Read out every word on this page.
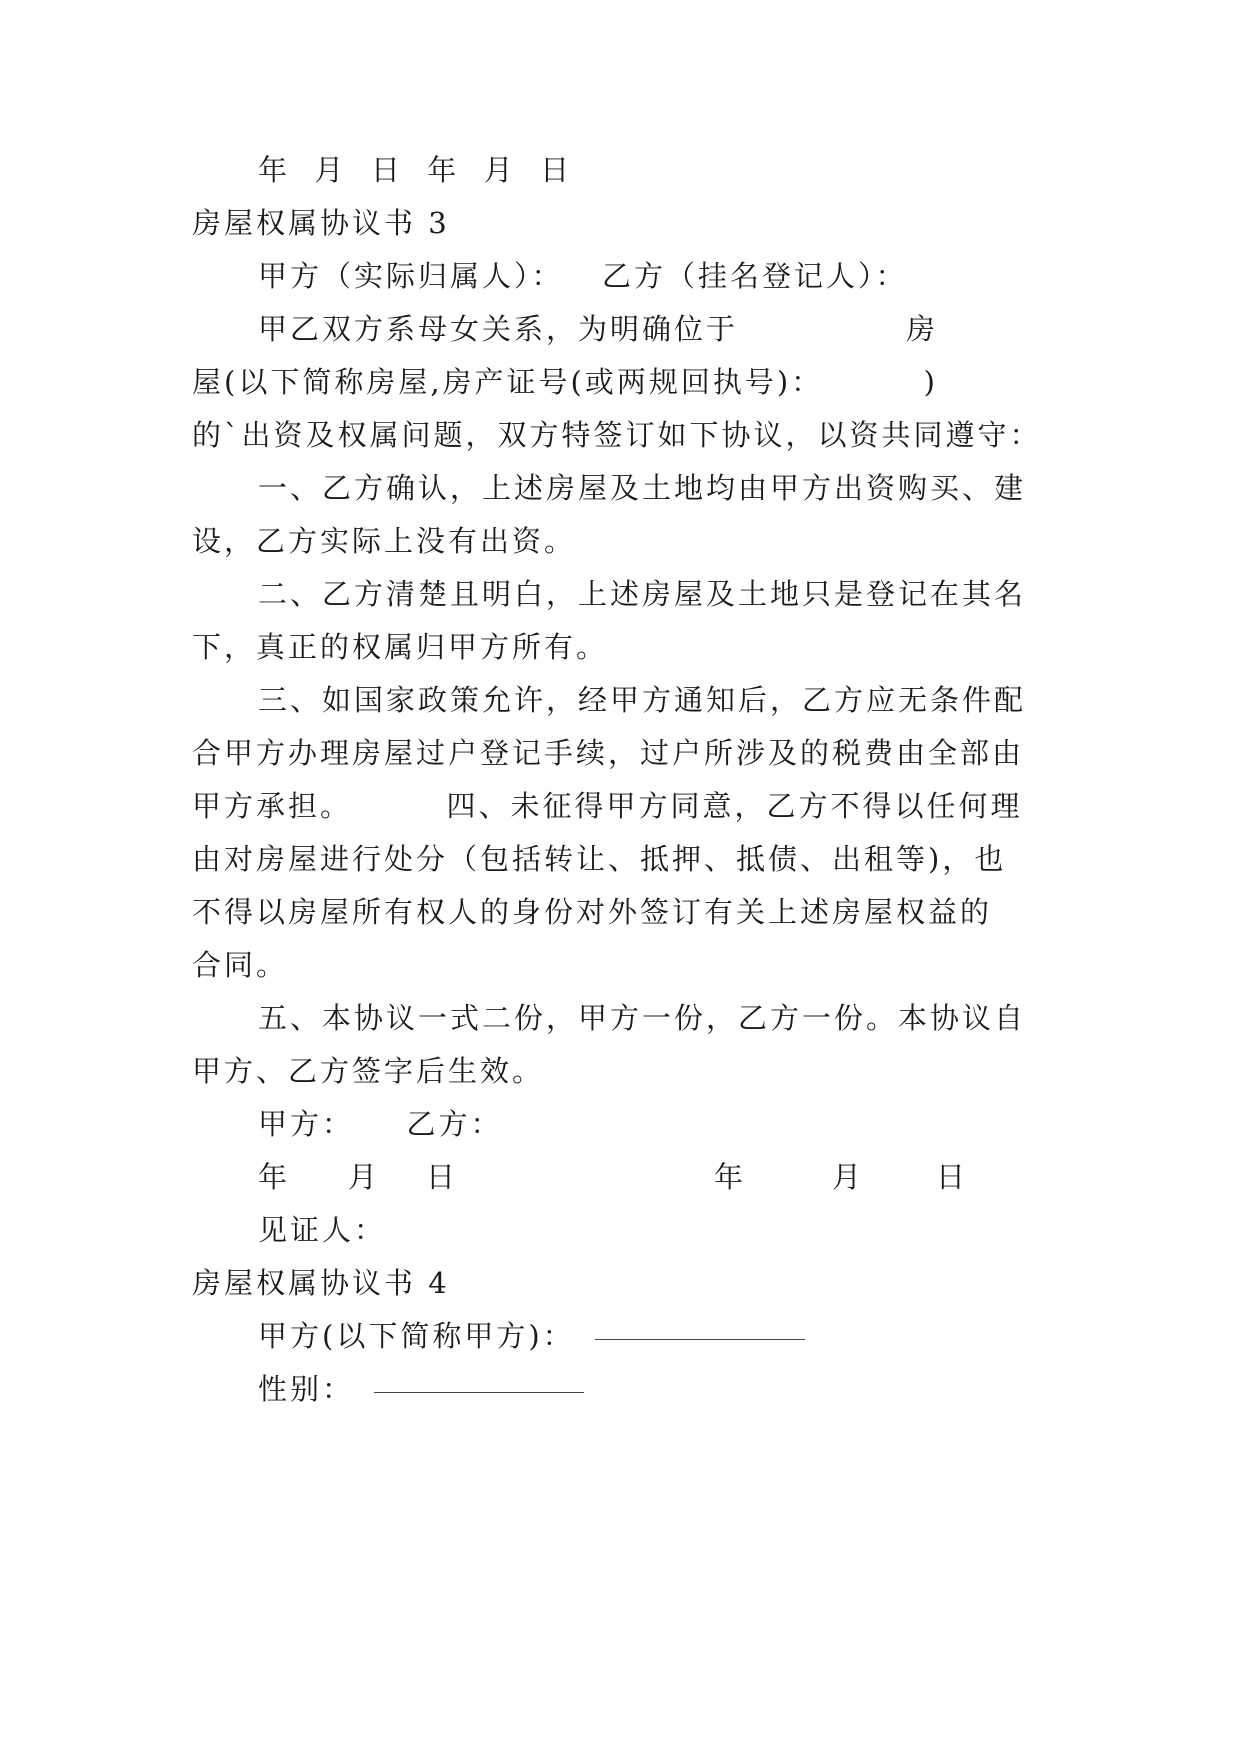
年  月  日  年  月  日
房屋权属协议书 3
甲方（实际归属人）： 乙方（挂名登记人）：
甲乙双方系母女关系，为明确位于	房
屋(以下简称房屋,房产证号(或两规回执号)：	)
的`出资及权属问题，双方特签订如下协议，以资共同遵守：
一、乙方确认，上述房屋及土地均由甲方出资购买、建
设，乙方实际上没有出资。
二、乙方清楚且明白，上述房屋及土地只是登记在其名
下，真正的权属归甲方所有。
三、如国家政策允许，经甲方通知后，乙方应无条件配
合甲方办理房屋过户登记手续，过户所涉及的税费由全部由
甲方承担。	四、未征得甲方同意，乙方不得以任何理
由对房屋进行处分（包括转让、抵押、抵债、出租等)，也
不得以房屋所有权人的身份对外签订有关上述房屋权益的
合同。
五、本协议一式二份，甲方一份，乙方一份。本协议自
甲方、乙方签字后生效。
甲方： 乙方：
年 月 日	年	月 日
见证人：
房屋权属协议书 4
甲方(以下简称甲方)：
性别：
